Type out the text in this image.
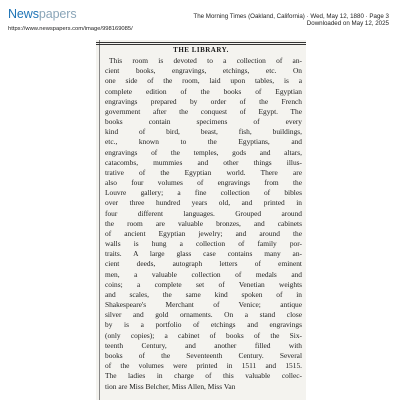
Newspapers	The Morning Times (Oakland, California) · Wed, May 12, 1880 · Page 3
Downloaded on May 12, 2025
https://www.newspapers.com/image/998169085/
THE LIBRARY.
This room is devoted to a collection of an-
cient books, engravings, etchings, etc. On
one side of the room, laid upon tables, is a
complete edition of the books of Egyptian
engravings prepared by order of the French
government after the conquest of Egypt. The
books contain specimens of every
kind of bird, beast, fish, buildings,
etc., known to the Egyptians, and
engravings of the temples, gods and altars,
catacombs, mummies and other things illus-
trative of the Egyptian world. There are
also four volumes of engravings from the
Louvre gallery; a fine collection of bibles
over three hundred years old, and printed in
four different languages. Grouped around
the room are valuable bronzes, and cabinets
of ancient Egyptian jewelry; and around the
walls is hung a collection of family por-
traits. A large glass case contains many an-
cient deeds, autograph letters of eminent
men, a valuable collection of medals and
coins; a complete set of Venetian weights
and scales, the same kind spoken of in
Shakespeare's Merchant of Venice; antique
silver and gold ornaments. On a stand close
by is a portfolio of etchings and engravings
(only copies); a cabinet of books of the Six-
teenth Century, and another filled with
books of the Seventeenth Century. Several
of the volumes were printed in 1511 and 1515.
The ladies in charge of this valuable collec-
tion are Miss Belcher, Miss Allen, Miss Van
